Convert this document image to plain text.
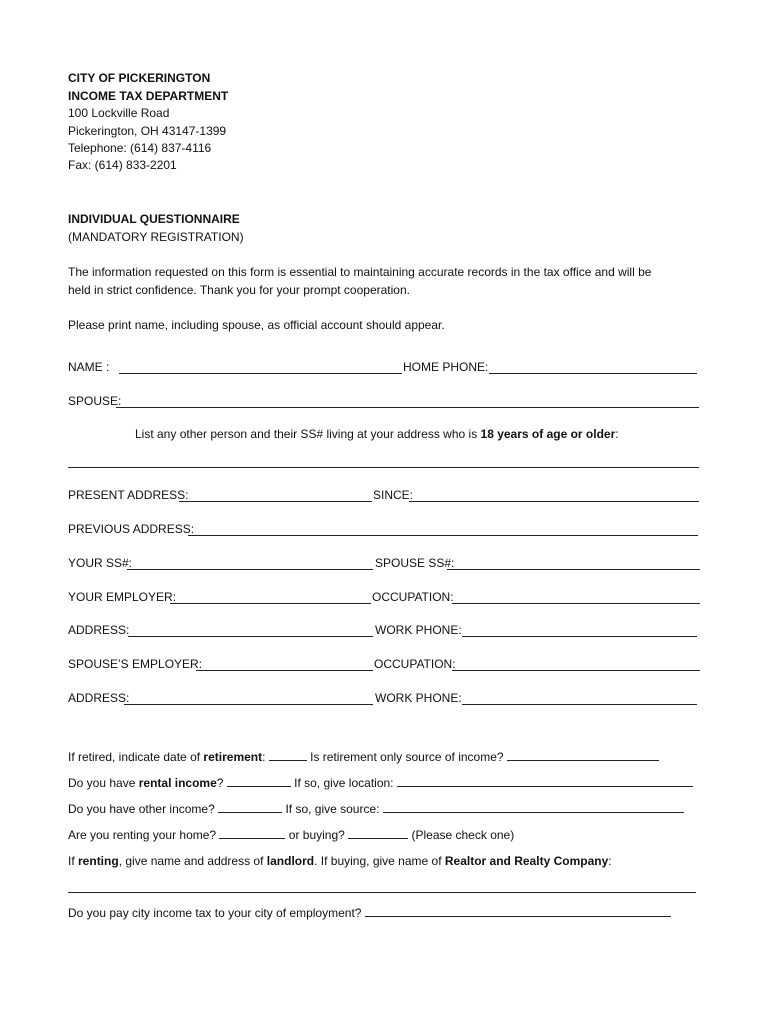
CITY OF PICKERINGTON
INCOME TAX DEPARTMENT
100 Lockville Road
Pickerington, OH 43147-1399
Telephone: (614) 837-4116
Fax: (614) 833-2201
INDIVIDUAL QUESTIONNAIRE
(MANDATORY REGISTRATION)
The information requested on this form is essential to maintaining accurate records in the tax office and will be
held in strict confidence. Thank you for your prompt cooperation.
Please print name, including spouse, as official account should appear.
NAME :	HOME PHONE:
SPOUSE:
List any other person and their SS# living at your address who is 18 years of age or older:
PRESENT ADDRESS:	SINCE:
PREVIOUS ADDRESS:
YOUR SS#:	SPOUSE SS#:
YOUR EMPLOYER:	OCCUPATION:
ADDRESS:	WORK PHONE:
SPOUSE’S EMPLOYER:	OCCUPATION:
ADDRESS:	WORK PHONE:
If retired, indicate date of retirement:	Is retirement only source of income?
Do you have rental income?	If so, give location:
Do you have other income?	If so, give source:
Are you renting your home?	or buying?	(Please check one)
If renting, give name and address of landlord. If buying, give name of Realtor and Realty Company:
Do you pay city income tax to your city of employment?
